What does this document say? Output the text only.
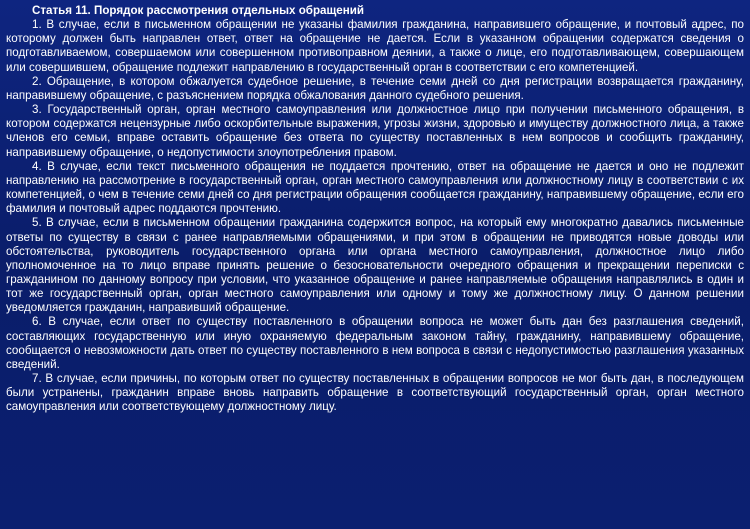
Статья 11. Порядок рассмотрения отдельных обращений

1. В случае, если в письменном обращении не указаны фамилия гражданина, направившего обращение, и почтовый адрес, по которому должен быть направлен ответ, ответ на обращение не дается. Если в указанном обращении содержатся сведения о подготавливаемом, совершаемом или совершенном противоправном деянии, а также о лице, его подготавливающем, совершающем или совершившем, обращение подлежит направлению в государственный орган в соответствии с его компетенцией.

2. Обращение, в котором обжалуется судебное решение, в течение семи дней со дня регистрации возвращается гражданину, направившему обращение, с разъяснением порядка обжалования данного судебного решения.

3. Государственный орган, орган местного самоуправления или должностное лицо при получении письменного обращения, в котором содержатся нецензурные либо оскорбительные выражения, угрозы жизни, здоровью и имуществу должностного лица, а также членов его семьи, вправе оставить обращение без ответа по существу поставленных в нем вопросов и сообщить гражданину, направившему обращение, о недопустимости злоупотребления правом.

4. В случае, если текст письменного обращения не поддается прочтению, ответ на обращение не дается и оно не подлежит направлению на рассмотрение в государственный орган, орган местного самоуправления или должностному лицу в соответствии с их компетенцией, о чем в течение семи дней со дня регистрации обращения сообщается гражданину, направившему обращение, если его фамилия и почтовый адрес поддаются прочтению.

5. В случае, если в письменном обращении гражданина содержится вопрос, на который ему многократно давались письменные ответы по существу в связи с ранее направляемыми обращениями, и при этом в обращении не приводятся новые доводы или обстоятельства, руководитель государственного органа или органа местного самоуправления, должностное лицо либо уполномоченное на то лицо вправе принять решение о безосновательности очередного обращения и прекращении переписки с гражданином по данному вопросу при условии, что указанное обращение и ранее направляемые обращения направлялись в один и тот же государственный орган, орган местного самоуправления или одному и тому же должностному лицу. О данном решении уведомляется гражданин, направивший обращение.

6. В случае, если ответ по существу поставленного в обращении вопроса не может быть дан без разглашения сведений, составляющих государственную или иную охраняемую федеральным законом тайну, гражданину, направившему обращение, сообщается о невозможности дать ответ по существу поставленного в нем вопроса в связи с недопустимостью разглашения указанных сведений.

7. В случае, если причины, по которым ответ по существу поставленных в обращении вопросов не мог быть дан, в последующем были устранены, гражданин вправе вновь направить обращение в соответствующий государственный орган, орган местного самоуправления или соответствующему должностному лицу.
